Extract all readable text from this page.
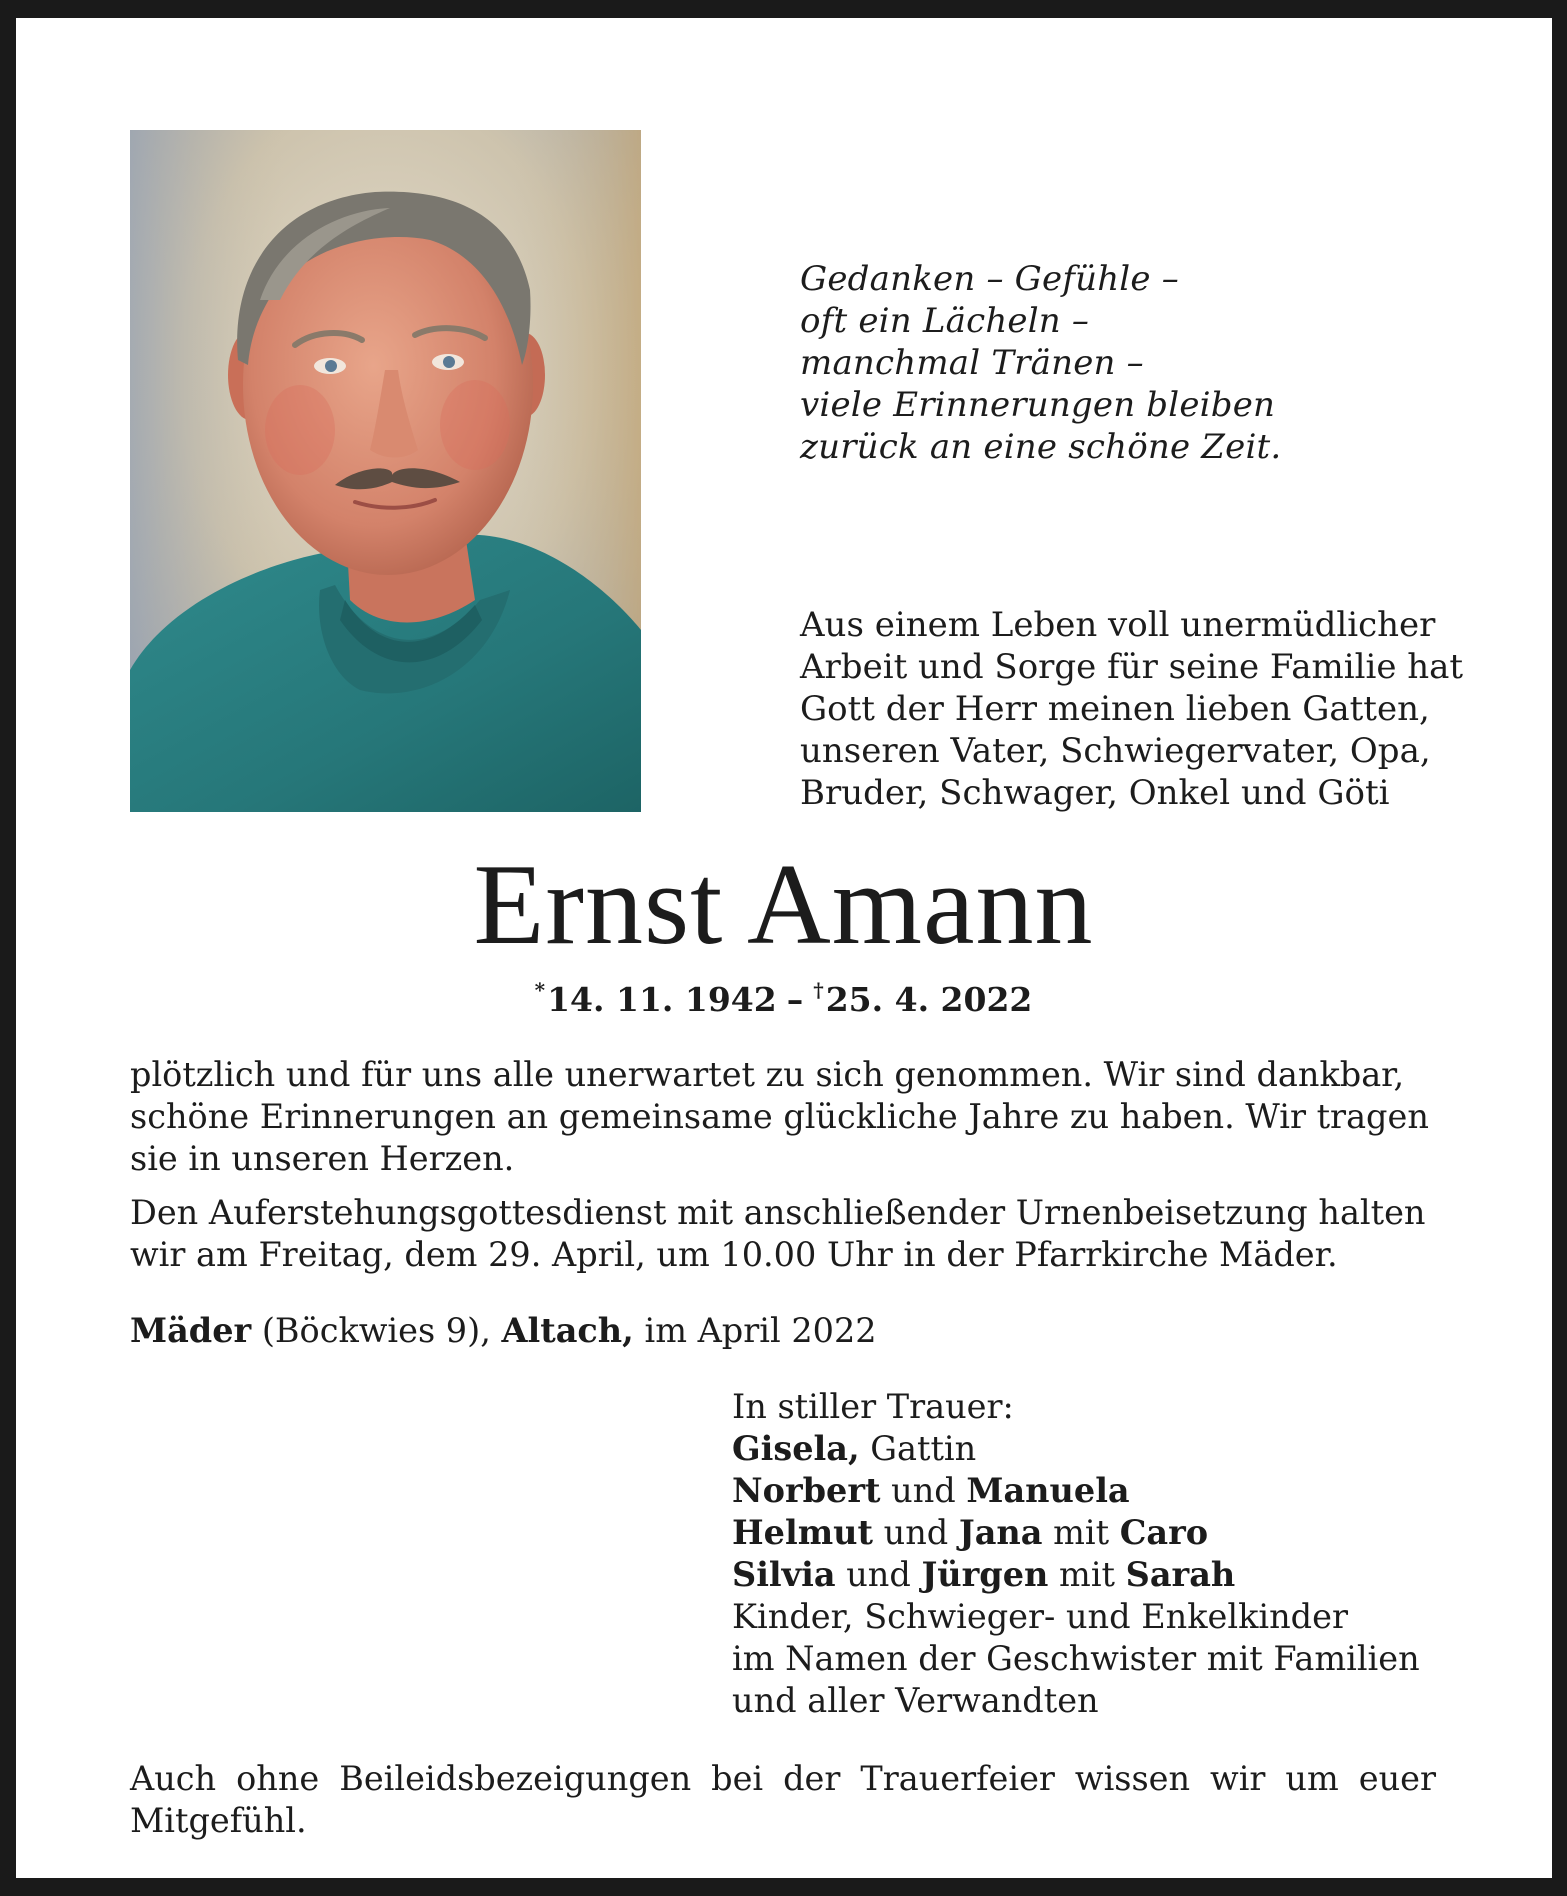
Gedanken – Gefühle –
oft ein Lächeln –
manchmal Tränen –
viele Erinnerungen bleiben
zurück an eine schöne Zeit.
Aus einem Leben voll unermüdlicher
Arbeit und Sorge für seine Familie hat
Gott der Herr meinen lieben Gatten,
unseren Vater, Schwiegervater, Opa,
Bruder, Schwager, Onkel und Göti
Ernst Amann
*14. 11. 1942 – †25. 4. 2022
plötzlich und für uns alle unerwartet zu sich genommen. Wir sind dankbar,
schöne Erinnerungen an gemeinsame glückliche Jahre zu haben. Wir tragen
sie in unseren Herzen.
Den Auferstehungsgottesdienst mit anschließender Urnenbeisetzung halten
wir am Freitag, dem 29. April, um 10.00 Uhr in der Pfarrkirche Mäder.
Mäder (Böckwies 9), Altach, im April 2022
In stiller Trauer:
Gisela, Gattin
Norbert und Manuela
Helmut und Jana mit Caro
Silvia und Jürgen mit Sarah
Kinder, Schwieger- und Enkelkinder
im Namen der Geschwister mit Familien
und aller Verwandten
Auch ohne Beileidsbezeigungen bei der Trauerfeier wissen wir um euer
Mitgefühl.
